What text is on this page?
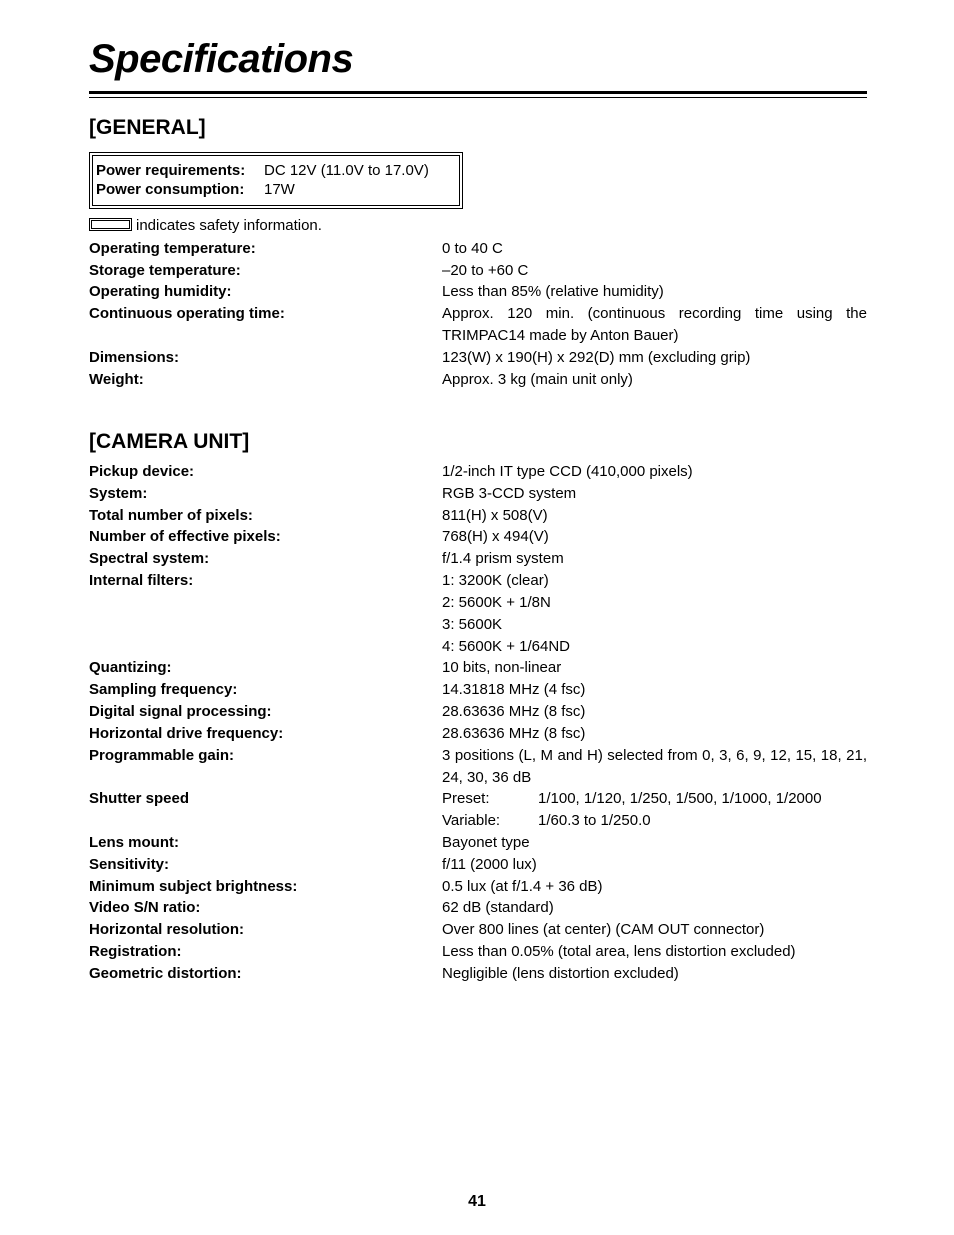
Specifications
[GENERAL]
Power requirements: DC 12V (11.0V to 17.0V)
Power consumption: 17W
indicates safety information.
Operating temperature:	0 to 40 C
Storage temperature:	–20 to +60 C
Operating humidity:	Less than 85% (relative humidity)
Continuous operating time:	Approx. 120 min. (continuous recording time using the TRIMPAC14 made by Anton Bauer)
Dimensions:	123(W) x 190(H) x 292(D) mm (excluding grip)
Weight:	Approx. 3 kg (main unit only)
[CAMERA UNIT]
Pickup device:	1/2-inch IT type CCD (410,000 pixels)
System:	RGB 3-CCD system
Total number of pixels:	811(H) x 508(V)
Number of effective pixels:	768(H) x 494(V)
Spectral system:	f/1.4 prism system
Internal filters:	1: 3200K (clear)
2: 5600K + 1/8N
3: 5600K
4: 5600K + 1/64ND
Quantizing:	10 bits, non-linear
Sampling frequency:	14.31818 MHz (4 fsc)
Digital signal processing:	28.63636 MHz (8 fsc)
Horizontal drive frequency:	28.63636 MHz (8 fsc)
Programmable gain:	3 positions (L, M and H) selected from 0, 3, 6, 9, 12, 15, 18, 21, 24, 30, 36 dB
Shutter speed	Preset:	1/100, 1/120, 1/250, 1/500, 1/1000, 1/2000
Variable:	1/60.3 to 1/250.0
Lens mount:	Bayonet type
Sensitivity:	f/11 (2000 lux)
Minimum subject brightness:	0.5 lux (at f/1.4 + 36 dB)
Video S/N ratio:	62 dB (standard)
Horizontal resolution:	Over 800 lines (at center) (CAM OUT connector)
Registration:	Less than 0.05% (total area, lens distortion excluded)
Geometric distortion:	Negligible (lens distortion excluded)
41
